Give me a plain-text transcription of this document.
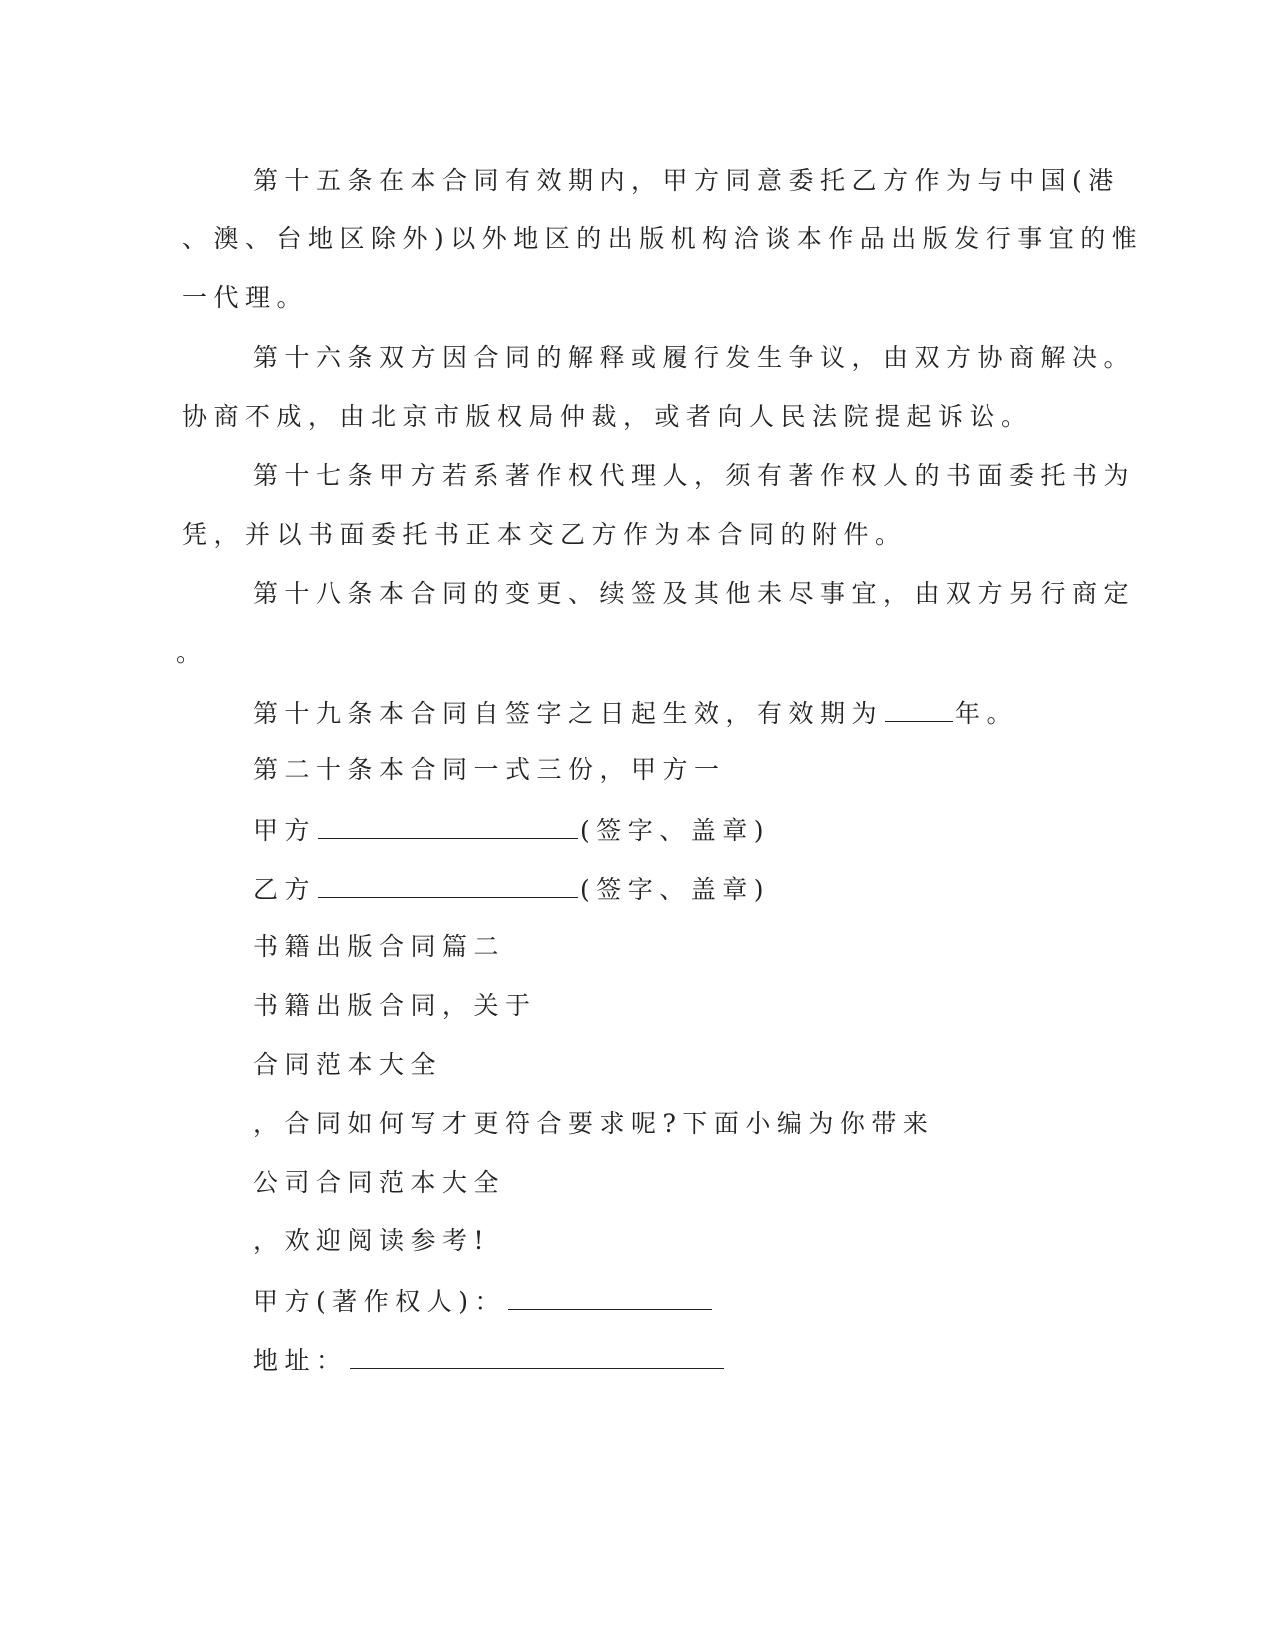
第十五条在本合同有效期内，甲方同意委托乙方作为与中国(港
、澳、台地区除外)以外地区的出版机构洽谈本作品出版发行事宜的惟
一代理。
第十六条双方因合同的解释或履行发生争议，由双方协商解决。
协商不成，由北京市版权局仲裁，或者向人民法院提起诉讼。
第十七条甲方若系著作权代理人，须有著作权人的书面委托书为
凭，并以书面委托书正本交乙方作为本合同的附件。
第十八条本合同的变更、续签及其他未尽事宜，由双方另行商定
。
第十九条本合同自签字之日起生效，有效期为	年。
第二十条本合同一式三份，甲方一
甲方	(签字、盖章)
乙方	(签字、盖章)
书籍出版合同篇二
书籍出版合同，关于
合同范本大全
，合同如何写才更符合要求呢?下面小编为你带来
公司合同范本大全
，欢迎阅读参考!
甲方(著作权人)：
地址：
